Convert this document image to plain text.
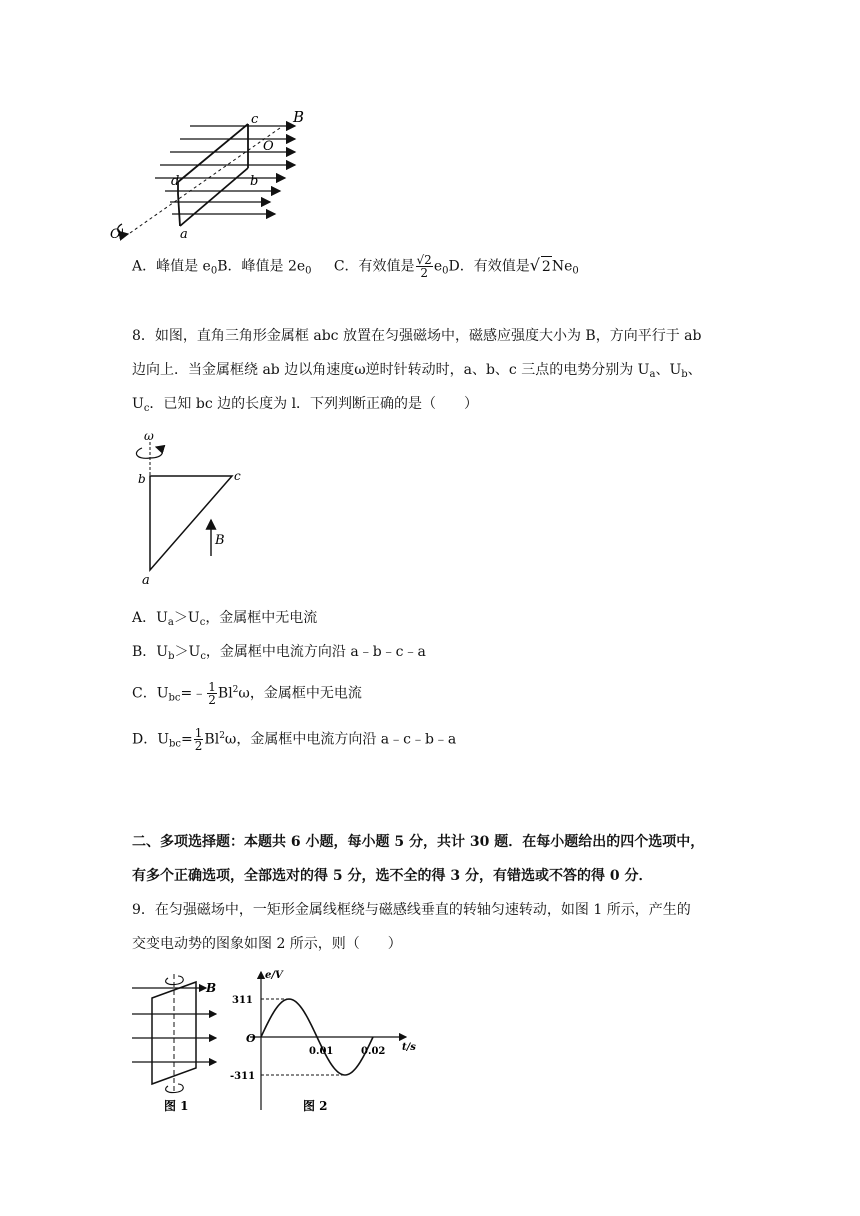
c B
O
d	b
O'	a
A．峰值是 $e_0B$．峰值是 $2e_0$ C．有效值是 $\frac{√2}{2} e_0D$．有效值是√ $2Ne_0$
8．如图，直角三角形金属框 abc 放置在匀强磁场中，磁感应强度大小为 B，方向平行于 ab
边向上．当金属框绕 ab 边以角速度ω逆时针转动时，a、b、c 三点的电势分别为 $U_a$、$U_b$、
$U_c$．已知 bc 边的长度为 l．下列判断正确的是（　　）
ω
b	c
B
a
A．$U_a>U_c$，金属框中无电流
B．$U_b>U_c$，金属框中电流方向沿 a﹣b﹣c﹣a
C．$U_{bc}=﹣ \frac{1}{2} Bl^2\omega$，金属框中无电流
D．$U_{bc}= \frac{1}{2} Bl^2\omega$，金属框中电流方向沿 a﹣c﹣b﹣a
二、多项选择题：本题共 6 小题，每小题 5 分，共计 30 题．在每小题给出的四个选项中，
有多个正确选项，全部选对的得 5 分，选不全的得 3 分，有错选或不答的得 0 分．
9．在匀强磁场中，一矩形金属线框绕与磁感线垂直的转轴匀速转动，如图 1 所示，产生的
交变电动势的图象如图 2 所示，则（　　）
B
图 1
e/V
t/s
O
311
-311
0.01	0.02
图 2
